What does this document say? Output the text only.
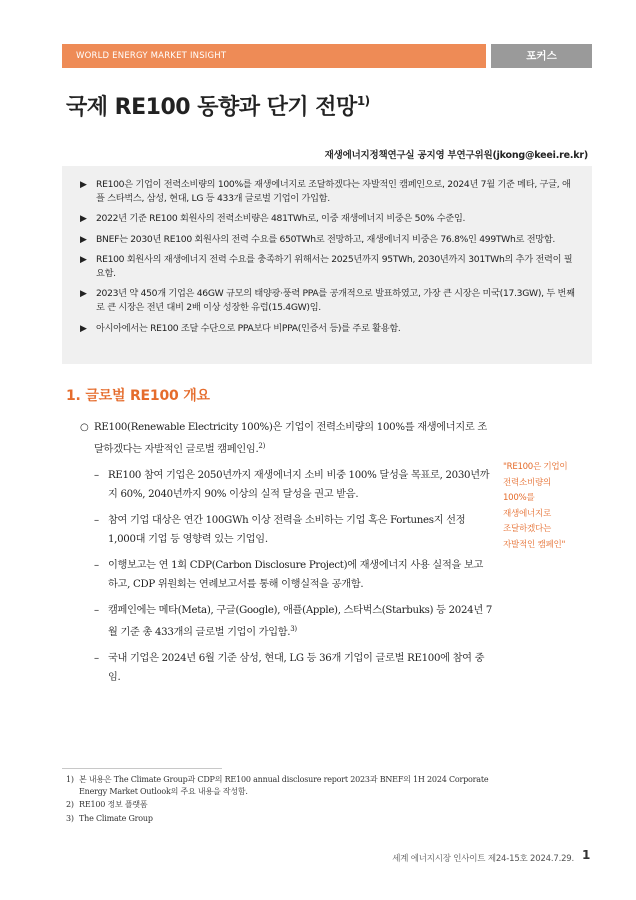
WORLD ENERGY MARKET INSIGHT	포커스
국제 RE100 동향과 단기 전망$^{1)}$
재생에너지정책연구실 공지영 부연구위원(jkong@keei.re.kr)
▶	RE100은 기업이 전력소비량의 100%를 재생에너지로 조달하겠다는 자발적인 캠페인으로, 2024년 7월 기준 메타, 구글, 애플 스타벅스, 삼성, 현대, LG 등 433개 글로벌 기업이 가입함.
▶	2022년 기준 RE100 회원사의 전력소비량은 481TWh로, 이중 재생에너지 비중은 50% 수준임.
▶	BNEF는 2030년 RE100 회원사의 전력 수요를 650TWh로 전망하고, 재생에너지 비중은 76.8%인 499TWh로 전망함.
▶	RE100 회원사의 재생에너지 전력 수요를 충족하기 위해서는 2025년까지 95TWh, 2030년까지 301TWh의 추가 전력이 필요함.
▶	2023년 약 450개 기업은 46GW 규모의 태양광·풍력 PPA를 공개적으로 발표하였고, 가장 큰 시장은 미국(17.3GW), 두 번째로 큰 시장은 전년 대비 2배 이상 성장한 유럽(15.4GW)임.
▶	아시아에서는 RE100 조달 수단으로 PPA보다 비PPA(인증서 등)를 주로 활용함.
1. 글로벌 RE100 개요
○ RE100(Renewable Electricity 100%)은 기업이 전력소비량의 100%를 재생에너지로 조달하겠다는 자발적인 글로벌 캠페인임.$^{2)}$
– RE100 참여 기업은 2050년까지 재생에너지 소비 비중 100% 달성을 목표로, 2030년까지 60%, 2040년까지 90% 이상의 실적 달성을 권고 받음.
– 참여 기업 대상은 연간 100GWh 이상 전력을 소비하는 기업 혹은 Fortunes지 선정 1,000대 기업 등 영향력 있는 기업임.
– 이행보고는 연 1회 CDP(Carbon Disclosure Project)에 재생에너지 사용 실적을 보고하고, CDP 위원회는 연례보고서를 통해 이행실적을 공개함.
– 캠페인에는 메타(Meta), 구글(Google), 애플(Apple), 스타벅스(Starbuks) 등 2024년 7월 기준 총 433개의 글로벌 기업이 가입함.$^{3)}$
– 국내 기업은 2024년 6월 기준 삼성, 현대, LG 등 36개 기업이 글로벌 RE100에 참여 중임.
"RE100은 기업이
전력소비량의
100%를
재생에너지로
조달하겠다는
자발적인 캠페인"
1) 본 내용은 The Climate Group과 CDP의 RE100 annual disclosure report 2023과 BNEF의 1H 2024 Corporate Energy Market Outlook의 주요 내용을 작성함.
2) RE100 정보 플랫폼
3) The Climate Group
세계 에너지시장 인사이트 제24-15호 2024.7.29. 1
